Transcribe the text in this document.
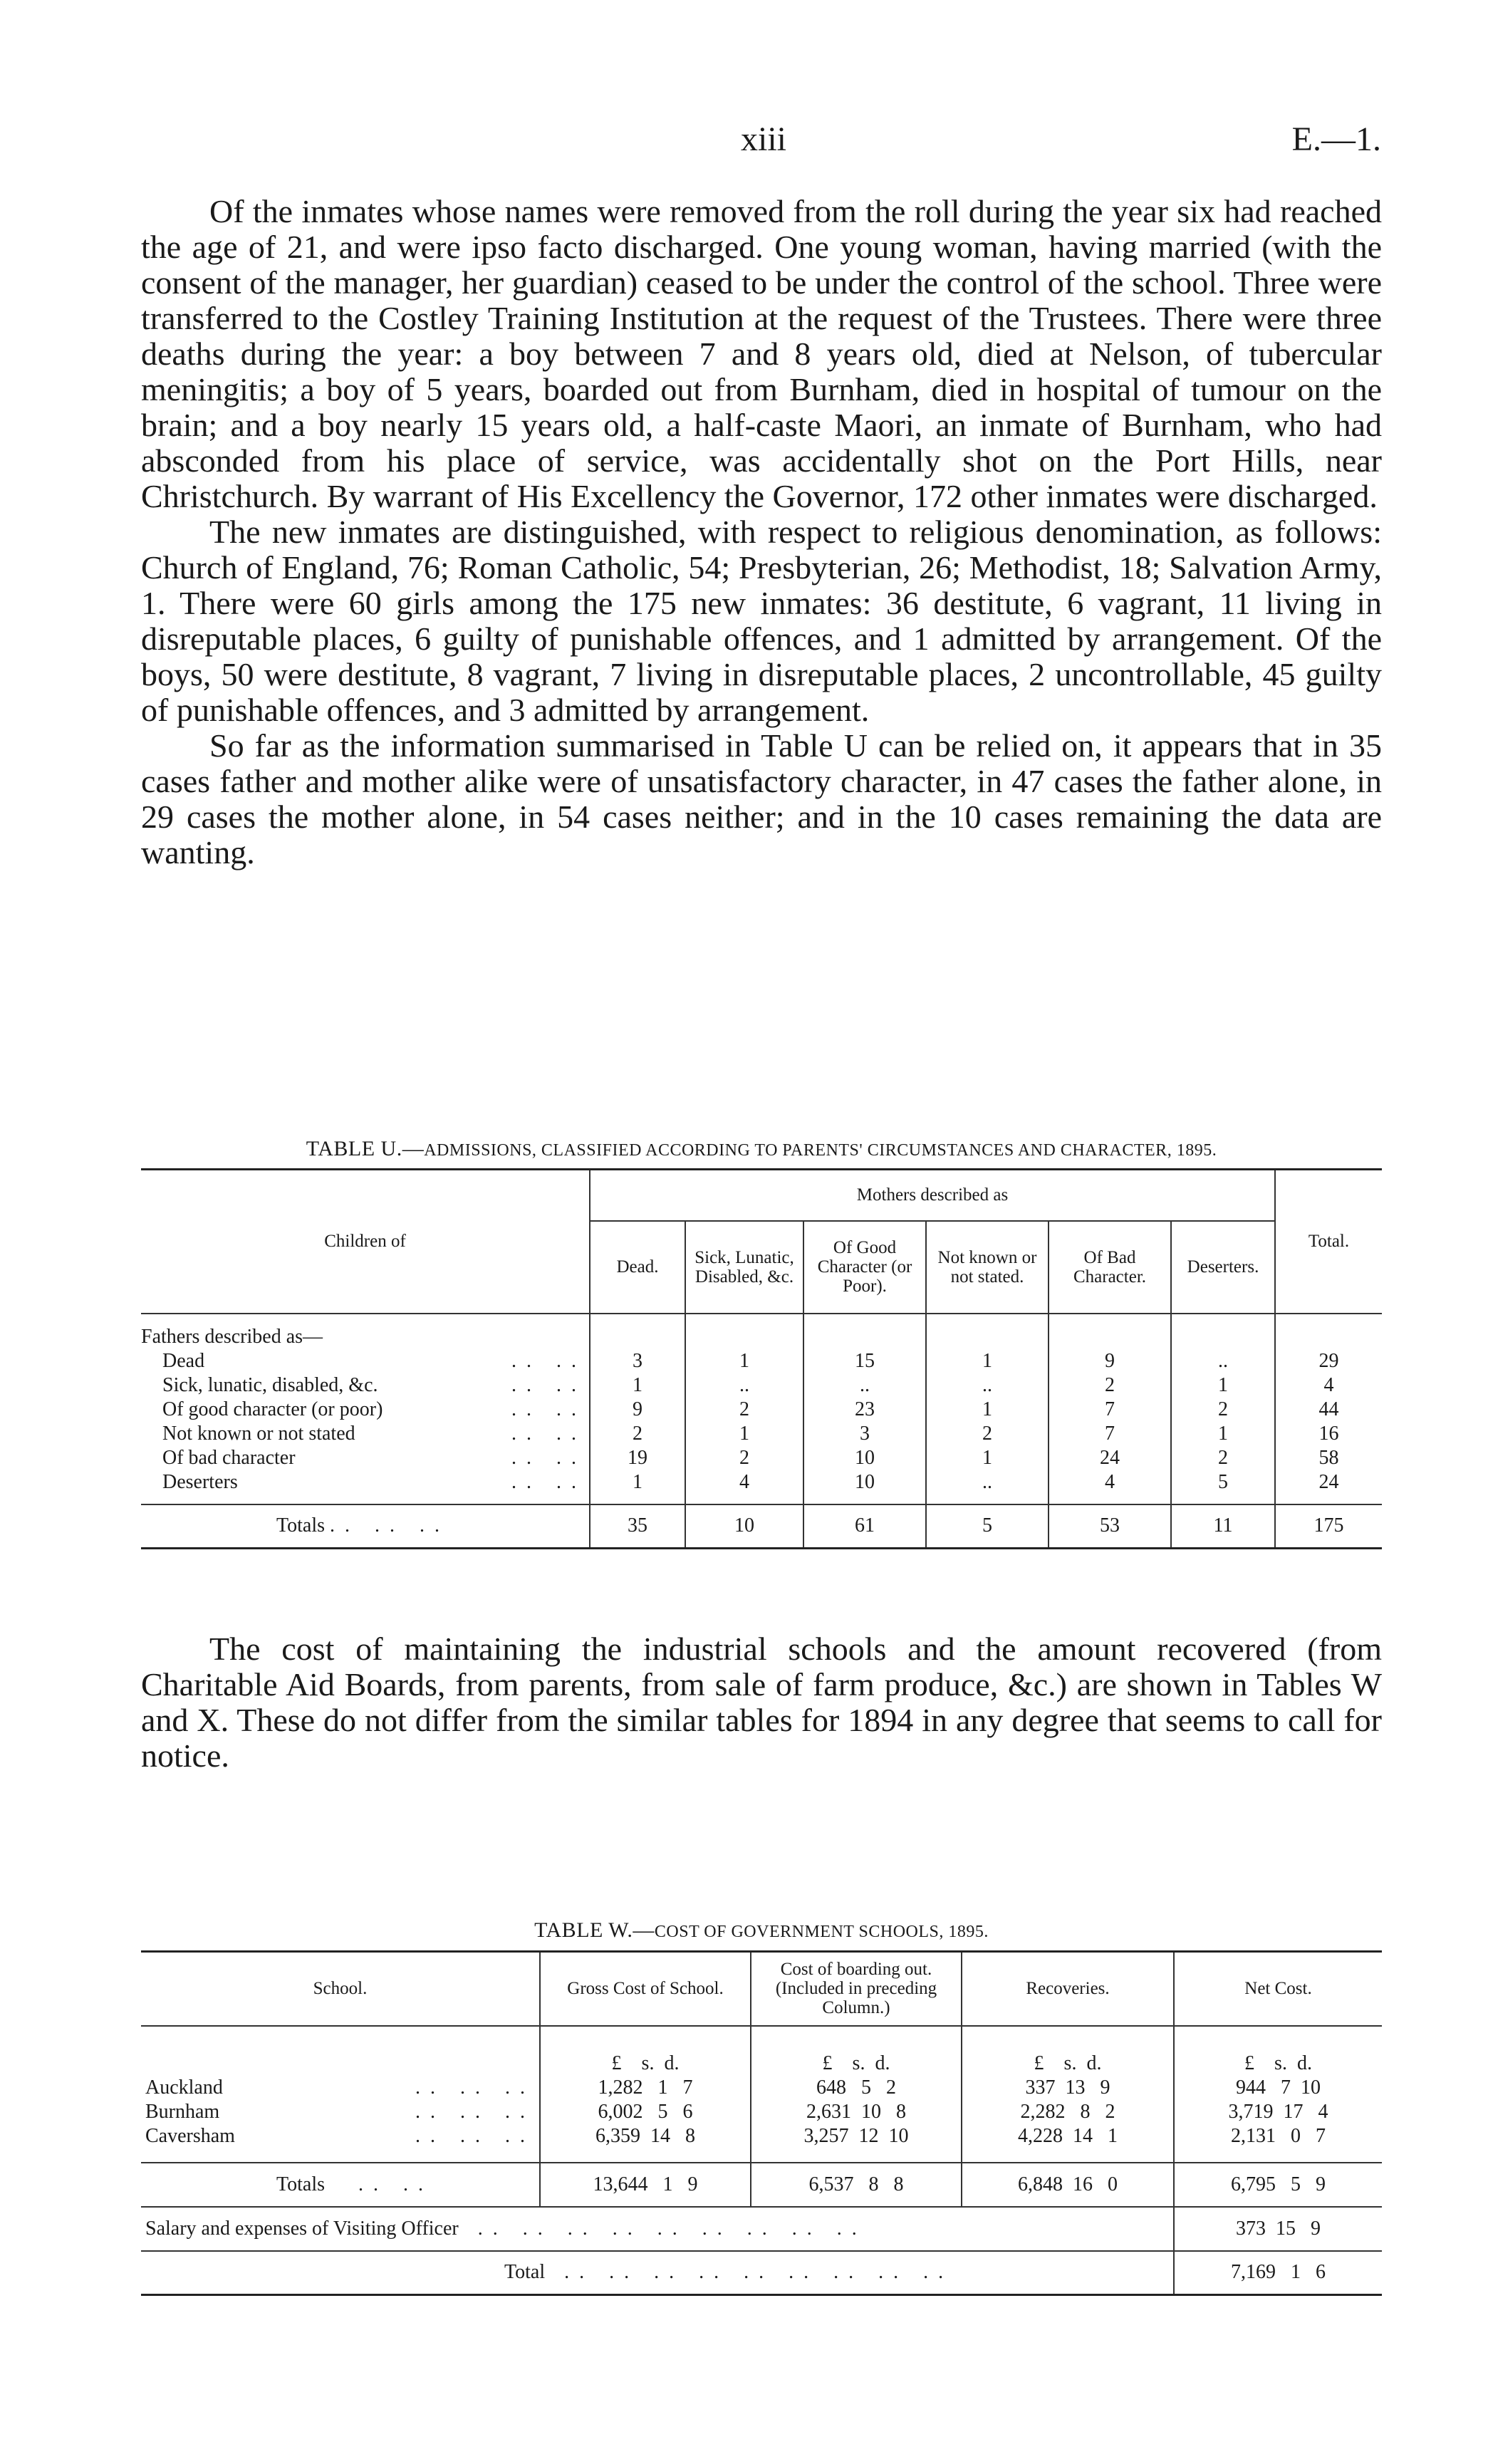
xiii	E.—1.

Of the inmates whose names were removed from the roll during the year six had reached the age of 21, and were ipso facto discharged. One young woman, having married (with the consent of the manager, her guardian) ceased to be under the control of the school. Three were transferred to the Costley Training Institution at the request of the Trustees. There were three deaths during the year: a boy between 7 and 8 years old, died at Nelson, of tubercular meningitis; a boy of 5 years, boarded out from Burnham, died in hospital of tumour on the brain; and a boy nearly 15 years old, a half-caste Maori, an inmate of Burnham, who had absconded from his place of service, was accidentally shot on the Port Hills, near Christchurch. By warrant of His Excellency the Governor, 172 other inmates were discharged.

The new inmates are distinguished, with respect to religious denomination, as follows: Church of England, 76; Roman Catholic, 54; Presbyterian, 26; Methodist, 18; Salvation Army, 1. There were 60 girls among the 175 new inmates: 36 destitute, 6 vagrant, 11 living in disreputable places, 6 guilty of punishable offences, and 1 admitted by arrangement. Of the boys, 50 were destitute, 8 vagrant, 7 living in disreputable places, 2 uncontrollable, 45 guilty of punishable offences, and 3 admitted by arrangement.

So far as the information summarised in Table U can be relied on, it appears that in 35 cases father and mother alike were of unsatisfactory character, in 47 cases the father alone, in 29 cases the mother alone, in 54 cases neither; and in the 10 cases remaining the data are wanting.

TABLE U.—ADMISSIONS, CLASSIFIED ACCORDING TO PARENTS' CIRCUMSTANCES AND CHARACTER, 1895.
Children of	Mothers described as						Total.
	Dead.	Sick, Lunatic, Disabled, &c.	Of Good Character (or Poor).	Not known or not stated.	Of Bad Character.	Deserters.	
Fathers described as—							
Dead .. ..	3	1	15	1	9	..	29
Sick, lunatic, disabled, &c. .. ..	1	..	..	..	2	1	4
Of good character (or poor) .. ..	9	2	23	1	7	2	44
Not known or not stated .. ..	2	1	3	2	7	1	16
Of bad character .. ..	19	2	10	1	24	2	58
Deserters .. ..	1	4	10	..	4	5	24

Totals .. .. ..	35	10	61	5	53	11	175

The cost of maintaining the industrial schools and the amount recovered (from Charitable Aid Boards, from parents, from sale of farm produce, &c.) are shown in Tables W and X. These do not differ from the similar tables for 1894 in any degree that seems to call for notice.

TABLE W.—COST OF GOVERNMENT SCHOOLS, 1895.
School.	Gross Cost of School.	Cost of boarding out. (Included in preceding Column.)	Recoveries.	Net Cost.
	£    s.  d.	£    s.  d.	£    s.  d.	£    s.  d.
Auckland .. .. ..	1,282   1   7	648   5   2	337  13   9	944   7  10
Burnham .. .. ..	6,002   5   6	2,631  10   8	2,282   8   2	3,719  17   4
Caversham .. .. ..	6,359  14   8	3,257  12  10	4,228  14   1	2,131   0   7

Totals .. ..	13,644   1   9	6,537   8   8	6,848  16   0	6,795   5   9
Salary and expenses of Visiting Officer .. .. .. .. .. .. .. .. ..				373  15   9
Total .. .. .. .. .. .. .. .. ..				7,169   1   6
